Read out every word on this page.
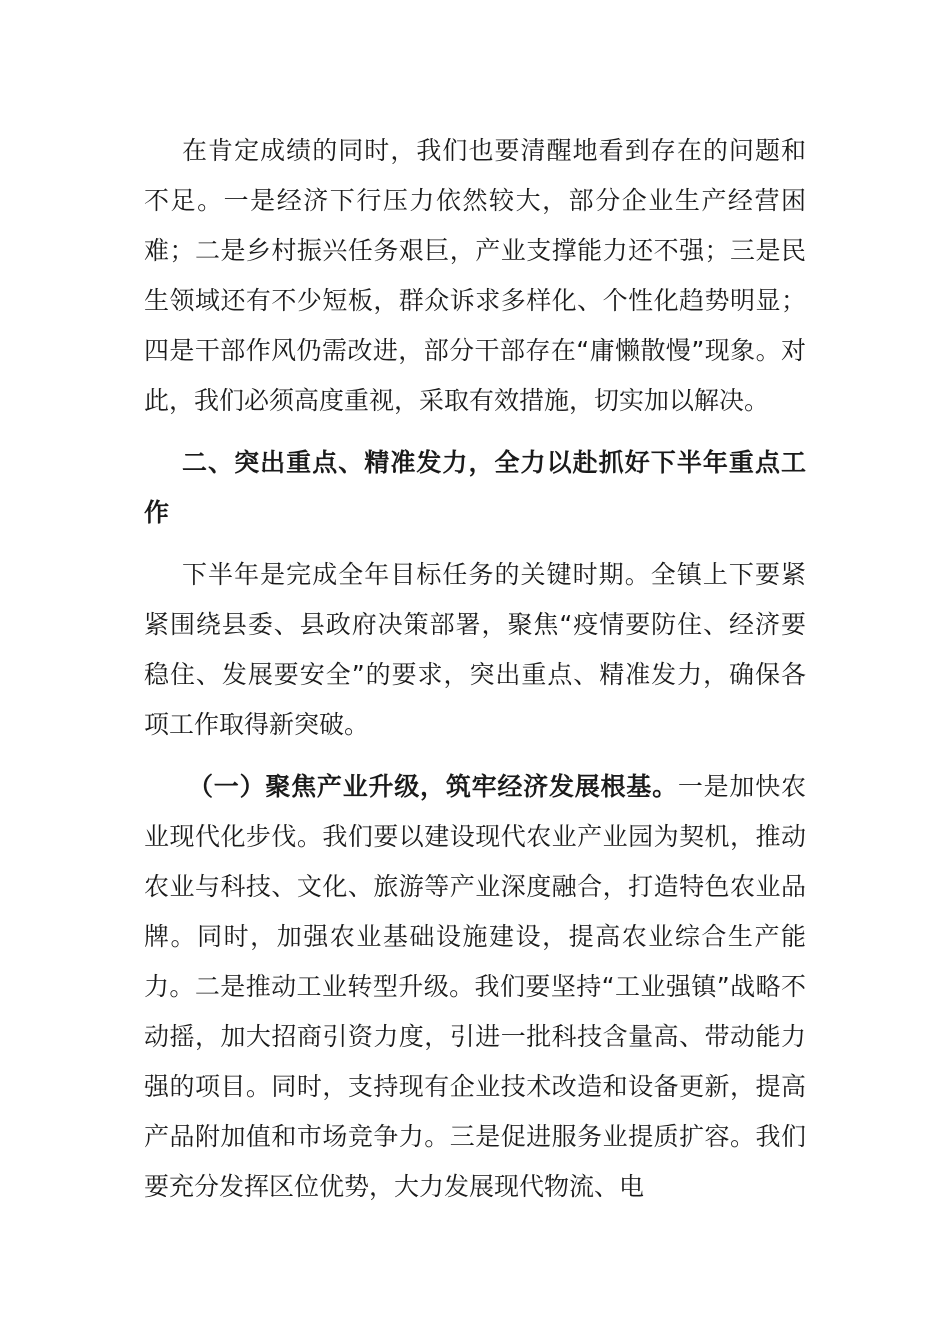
在肯定成绩的同时，我们也要清醒地看到存在的问题和不足。一是经济下行压力依然较大，部分企业生产经营困难；二是乡村振兴任务艰巨，产业支撑能力还不强；三是民生领域还有不少短板，群众诉求多样化、个性化趋势明显；四是干部作风仍需改进，部分干部存在“庸懒散慢”现象。对此，我们必须高度重视，采取有效措施，切实加以解决。

二、突出重点、精准发力，全力以赴抓好下半年重点工作

下半年是完成全年目标任务的关键时期。全镇上下要紧紧围绕县委、县政府决策部署，聚焦“疫情要防住、经济要稳住、发展要安全”的要求，突出重点、精准发力，确保各项工作取得新突破。

（一）聚焦产业升级，筑牢经济发展根基。一是加快农业现代化步伐。我们要以建设现代农业产业园为契机，推动农业与科技、文化、旅游等产业深度融合，打造特色农业品牌。同时，加强农业基础设施建设，提高农业综合生产能力。二是推动工业转型升级。我们要坚持“工业强镇”战略不动摇，加大招商引资力度，引进一批科技含量高、带动能力强的项目。同时，支持现有企业技术改造和设备更新，提高产品附加值和市场竞争力。三是促进服务业提质扩容。我们要充分发挥区位优势，大力发展现代物流、电
